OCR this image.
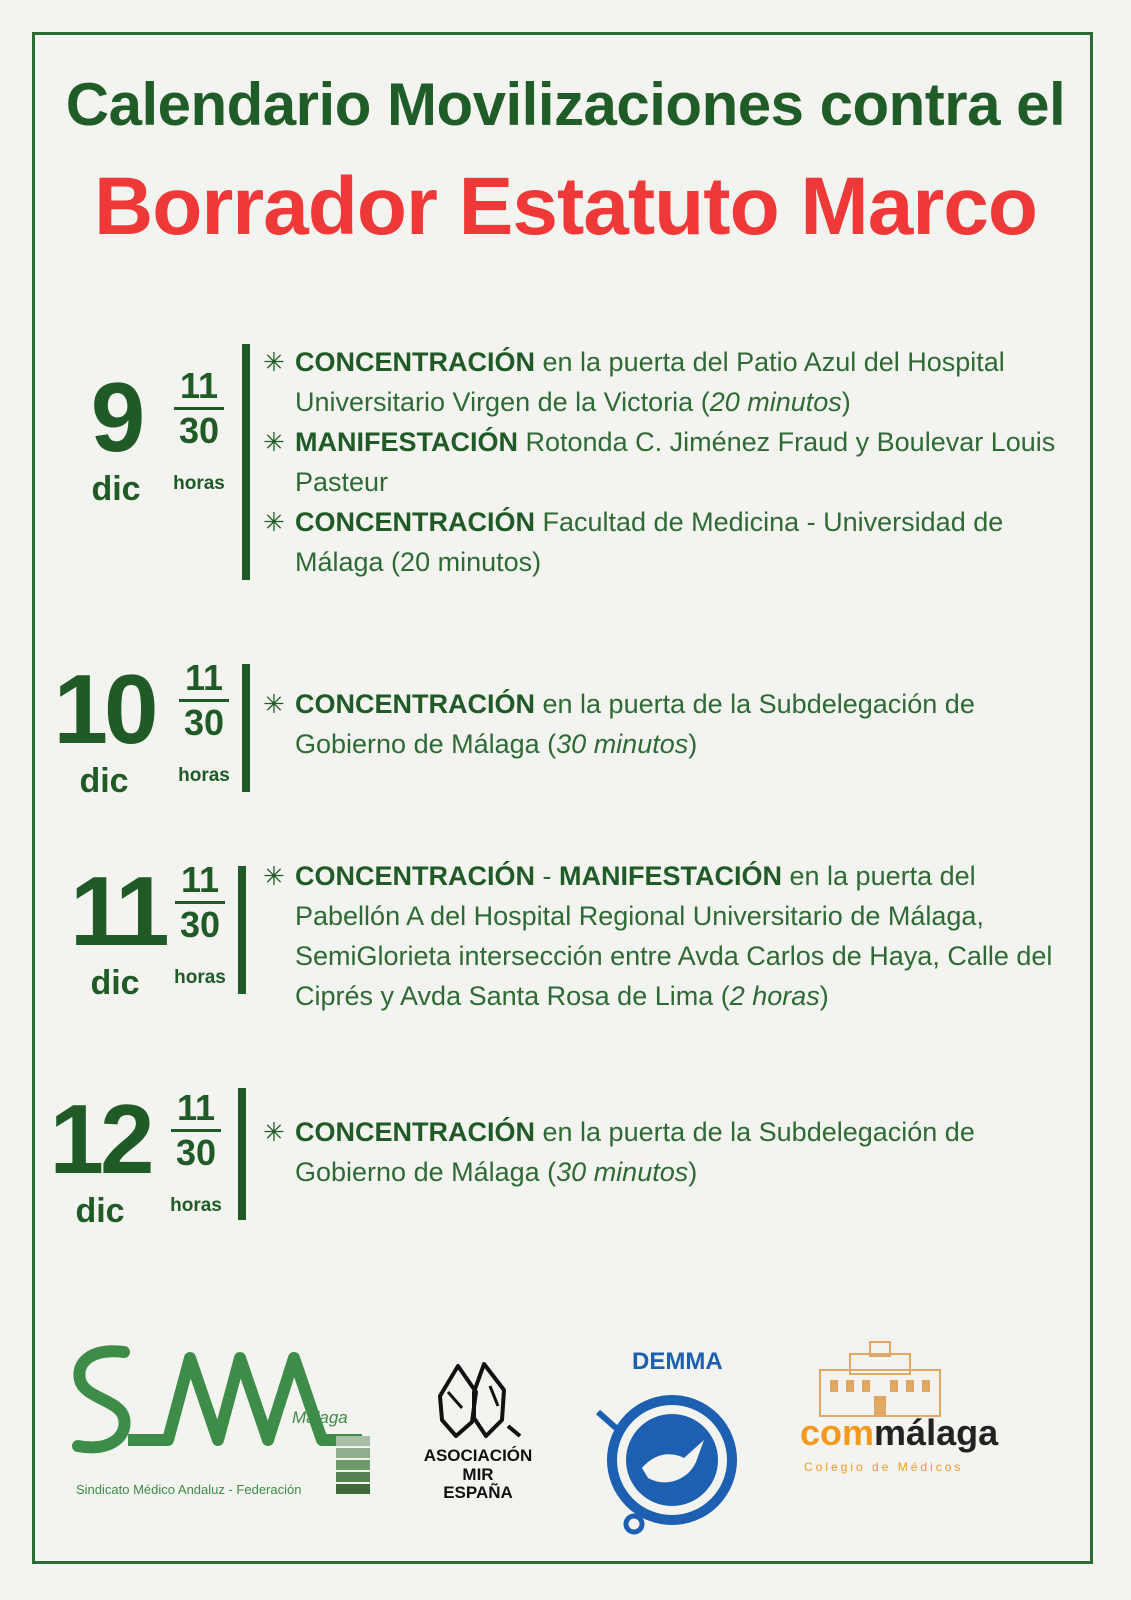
Calendario Movilizaciones contra el
Borrador Estatuto Marco
9
dic
11
30
horas
✳ CONCENTRACIÓN en la puerta del Patio Azul del Hospital Universitario Virgen de la Victoria (20 minutos)
✳ MANIFESTACIÓN Rotonda C. Jiménez Fraud y Boulevar Louis Pasteur
✳ CONCENTRACIÓN Facultad de Medicina - Universidad de Málaga (20 minutos)
10
dic
11
30
horas
✳ CONCENTRACIÓN en la puerta de la Subdelegación de Gobierno de Málaga (30 minutos)
11
dic
11
30
horas
✳ CONCENTRACIÓN - MANIFESTACIÓN en la puerta del Pabellón A del Hospital Regional Universitario de Málaga, SemiGlorieta intersección entre Avda Carlos de Haya, Calle del Ciprés y Avda Santa Rosa de Lima (2 horas)
12
dic
11
30
horas
✳ CONCENTRACIÓN en la puerta de la Subdelegación de Gobierno de Málaga (30 minutos)
Málaga
Sindicato Médico Andaluz - Federación
ASOCIACIÓN
MIR
ESPAÑA
DEMMA
commálaga
Colegio de Médicos
